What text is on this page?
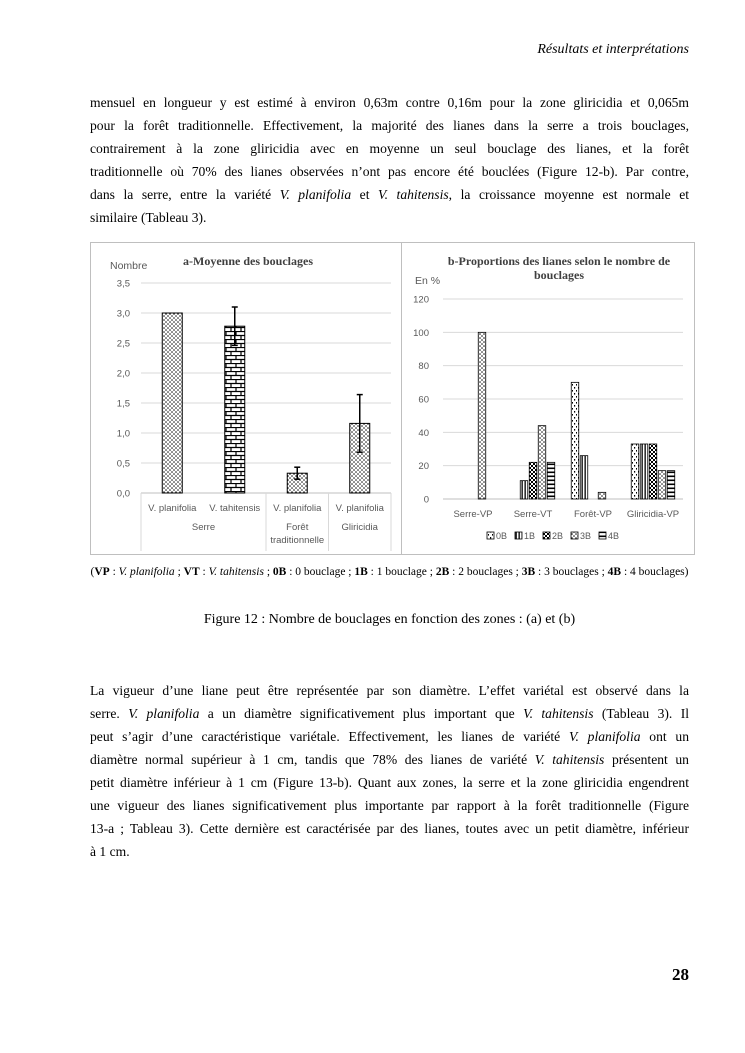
Résultats et interprétations
mensuel en longueur y est estimé à environ 0,63m contre 0,16m pour la zone gliricidia et 0,065m
pour la forêt traditionnelle. Effectivement, la majorité des lianes dans la serre a trois bouclages,
contrairement à la zone gliricidia avec en moyenne un seul bouclage des lianes, et la forêt
traditionnelle où 70% des lianes observées n’ont pas encore été bouclées (Figure 12-b). Par contre,
dans la serre, entre la variété V. planifolia et V. tahitensis, la croissance moyenne est normale et
similaire (Tableau 3).
Nombre	a-Moyenne des bouclages
0,0
0,5
1,0
1,5
2,0
2,5
3,0
3,5
V. planifolia V. tahitensis V. planifolia V. planifolia
Serre	Forêt traditionnelle
Gliricidia
En %
b-Proportions des lianes selon le nombre de bouclages
0
20
40
60
80
100
120
Serre-VP Serre-VT Forêt-VP Gliricidia-VP
0B 1B 2B 3B 4B
(VP : V. planifolia ; VT : V. tahitensis ; 0B : 0 bouclage ; 1B : 1 bouclage ; 2B : 2 bouclages ; 3B : 3 bouclages ; 4B : 4 bouclages)
Figure 12 : Nombre de bouclages en fonction des zones : (a) et (b)
La vigueur d’une liane peut être représentée par son diamètre. L’effet variétal est observé dans la
serre. V. planifolia a un diamètre significativement plus important que V. tahitensis (Tableau 3). Il
peut s’agir d’une caractéristique variétale. Effectivement, les lianes de variété V. planifolia ont un
diamètre normal supérieur à 1 cm, tandis que 78% des lianes de variété V. tahitensis présentent un
petit diamètre inférieur à 1 cm (Figure 13-b). Quant aux zones, la serre et la zone gliricidia engendrent
une vigueur des lianes significativement plus importante par rapport à la forêt traditionnelle (Figure
13-a ; Tableau 3). Cette dernière est caractérisée par des lianes, toutes avec un petit diamètre, inférieur
à 1 cm.
28
